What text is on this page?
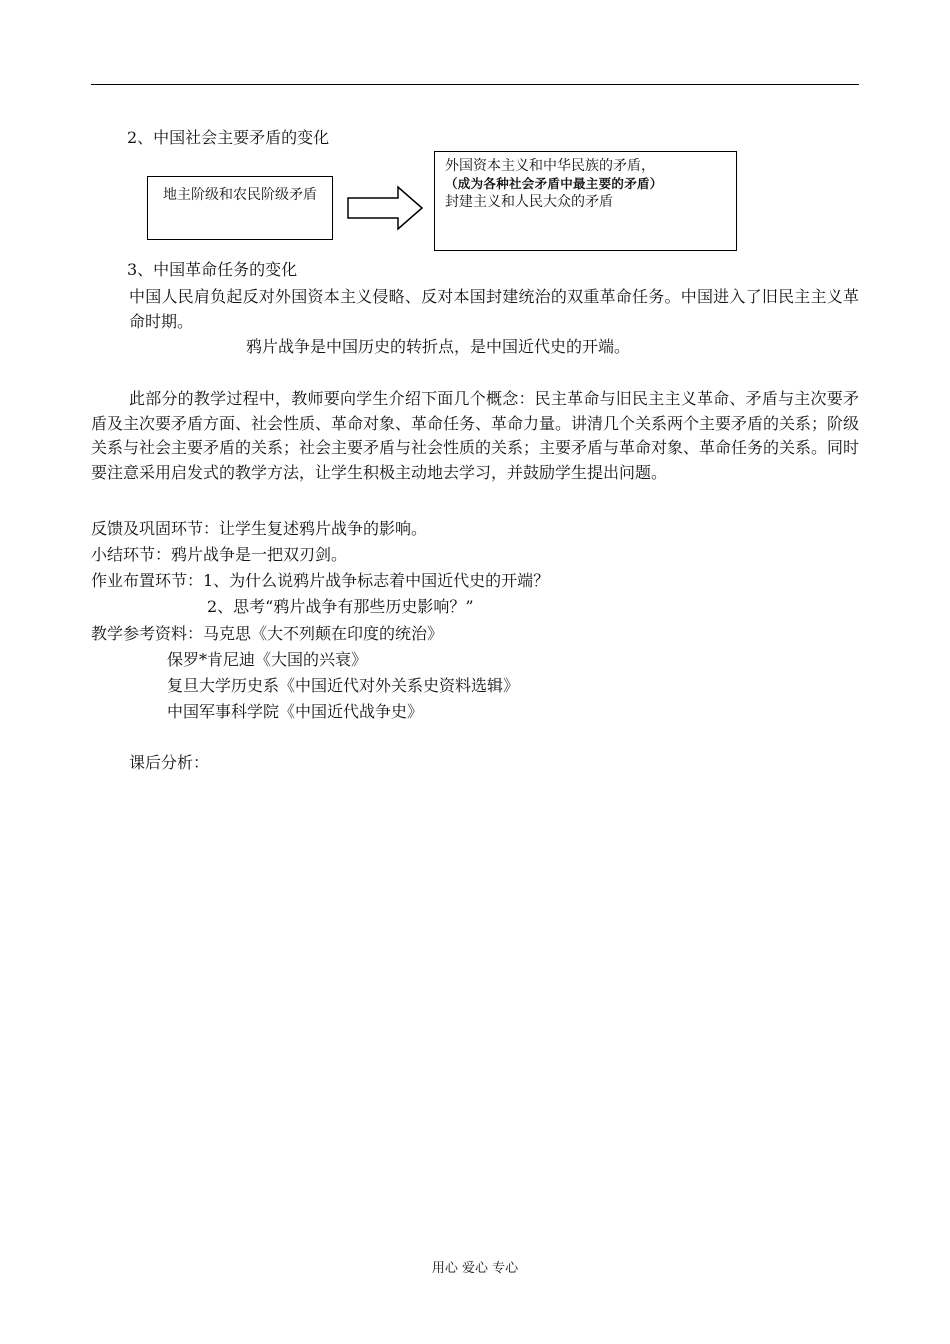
2、中国社会主要矛盾的变化
地主阶级和农民阶级矛盾
外国资本主义和中华民族的矛盾，
（成为各种社会矛盾中最主要的矛盾）
封建主义和人民大众的矛盾
3、中国革命任务的变化
中国人民肩负起反对外国资本主义侵略、反对本国封建统治的双重革命任务。中国进入了旧民主主义革命时期。
鸦片战争是中国历史的转折点，是中国近代史的开端。
此部分的教学过程中，教师要向学生介绍下面几个概念：民主革命与旧民主主义革命、矛盾与主次要矛盾及主次要矛盾方面、社会性质、革命对象、革命任务、革命力量。讲清几个关系两个主要矛盾的关系；阶级关系与社会主要矛盾的关系；社会主要矛盾与社会性质的关系；主要矛盾与革命对象、革命任务的关系。同时要注意采用启发式的教学方法，让学生积极主动地去学习，并鼓励学生提出问题。
反馈及巩固环节：让学生复述鸦片战争的影响。
小结环节：鸦片战争是一把双刃剑。
作业布置环节：1、为什么说鸦片战争标志着中国近代史的开端？
2、思考“鸦片战争有那些历史影响？”
教学参考资料：马克思《大不列颠在印度的统治》
保罗*肯尼迪《大国的兴衰》
复旦大学历史系《中国近代对外关系史资料选辑》
中国军事科学院《中国近代战争史》
课后分析：
用心 爱心 专心
